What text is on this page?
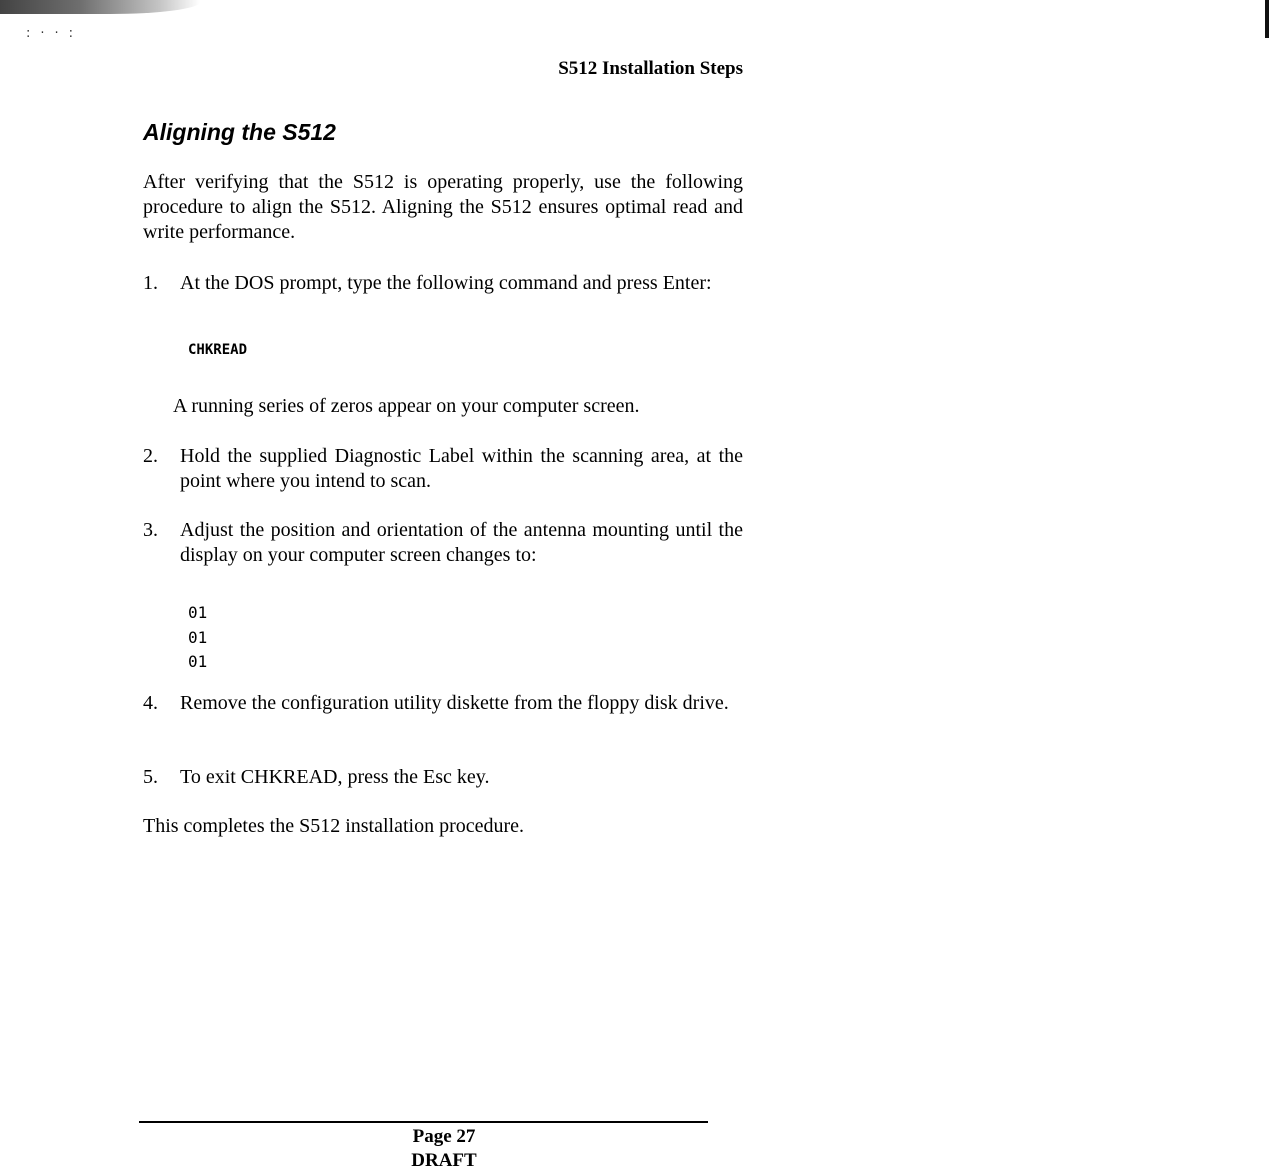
:··:
S512 Installation Steps
Aligning the S512
After verifying that the S512 is operating properly, use the following procedure to align the S512. Aligning the S512 ensures optimal read and write performance.
1.	At the DOS prompt, type the following command and press Enter:
CHKREAD
A running series of zeros appear on your computer screen.
2.	Hold the supplied Diagnostic Label within the scanning area, at the point where you intend to scan.
3.	Adjust the position and orientation of the antenna mounting until the display on your computer screen changes to:
01
01
01
4.	Remove the configuration utility diskette from the floppy disk drive.
5.	To exit CHKREAD, press the Esc key.
This completes the S512 installation procedure.
Page 27
DRAFT
